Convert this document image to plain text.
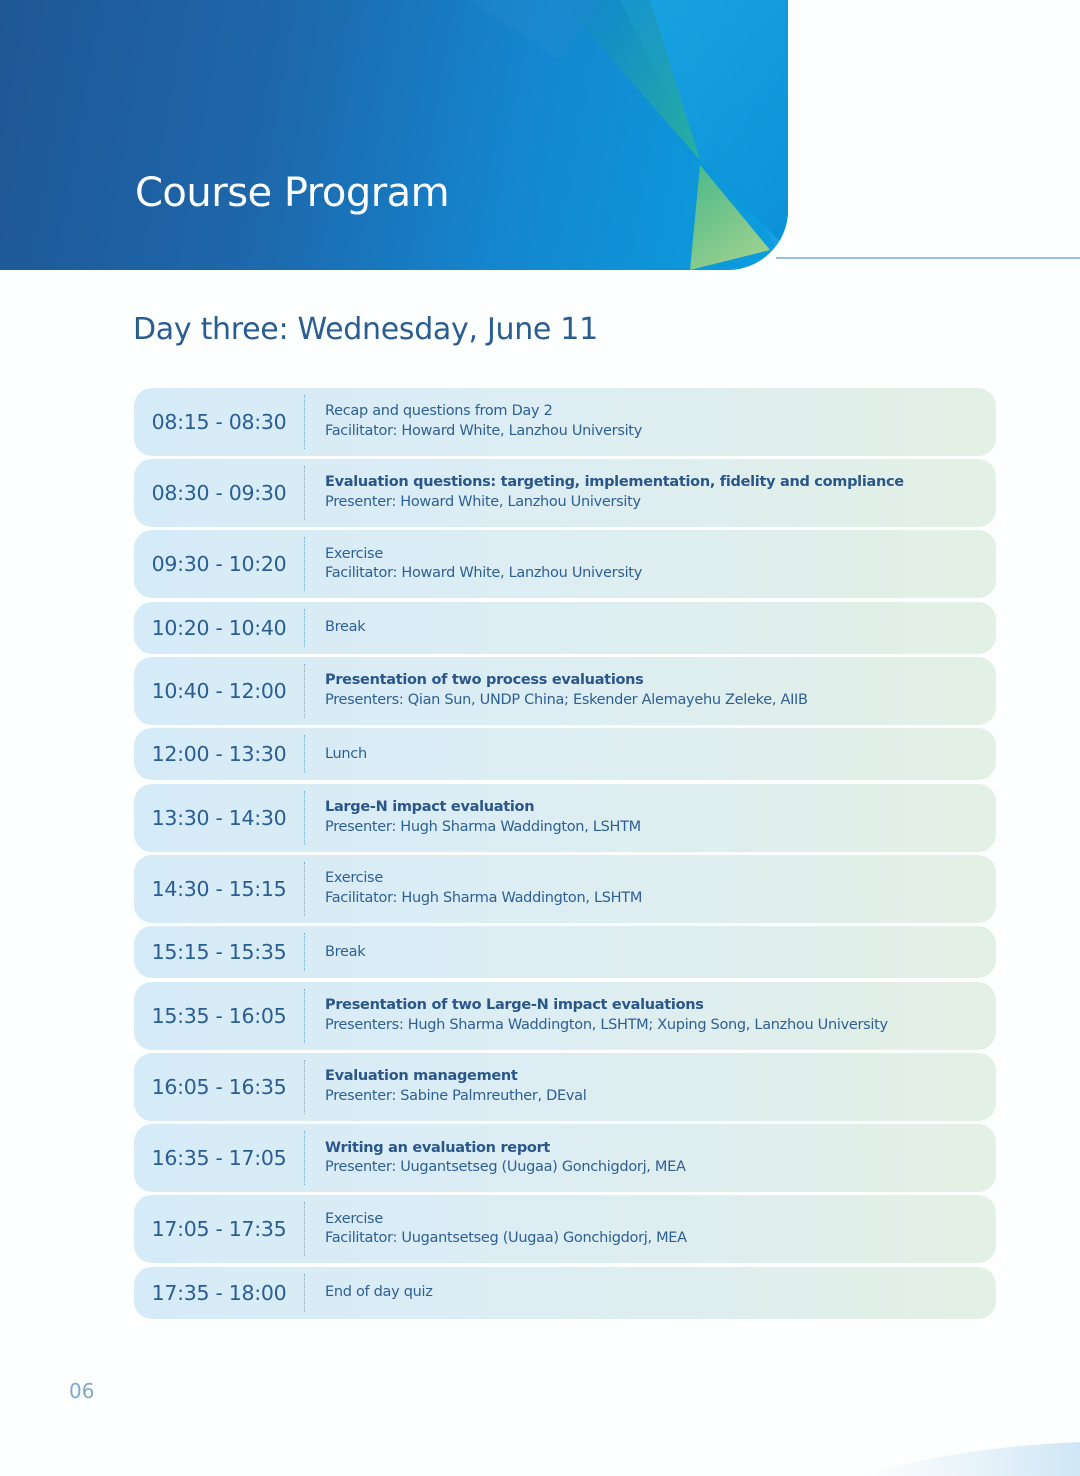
Course Program
Day three: Wednesday, June 11
08:15 - 08:30	Recap and questions from Day 2
Facilitator: Howard White, Lanzhou University
08:30 - 09:30	Evaluation questions: targeting, implementation, fidelity and compliance
Presenter: Howard White, Lanzhou University
09:30 - 10:20	Exercise
Facilitator: Howard White, Lanzhou University
10:20 - 10:40	Break
10:40 - 12:00	Presentation of two process evaluations
Presenters: Qian Sun, UNDP China; Eskender Alemayehu Zeleke, AIIB
12:00 - 13:30	Lunch
13:30 - 14:30	Large-N impact evaluation
Presenter: Hugh Sharma Waddington, LSHTM
14:30 - 15:15	Exercise
Facilitator: Hugh Sharma Waddington, LSHTM
15:15 - 15:35	Break
15:35 - 16:05	Presentation of two Large-N impact evaluations
Presenters: Hugh Sharma Waddington, LSHTM; Xuping Song, Lanzhou University
16:05 - 16:35	Evaluation management
Presenter: Sabine Palmreuther, DEval
16:35 - 17:05	Writing an evaluation report
Presenter: Uugantsetseg (Uugaa) Gonchigdorj, MEA
17:05 - 17:35	Exercise
Facilitator: Uugantsetseg (Uugaa) Gonchigdorj, MEA
17:35 - 18:00	End of day quiz
06
